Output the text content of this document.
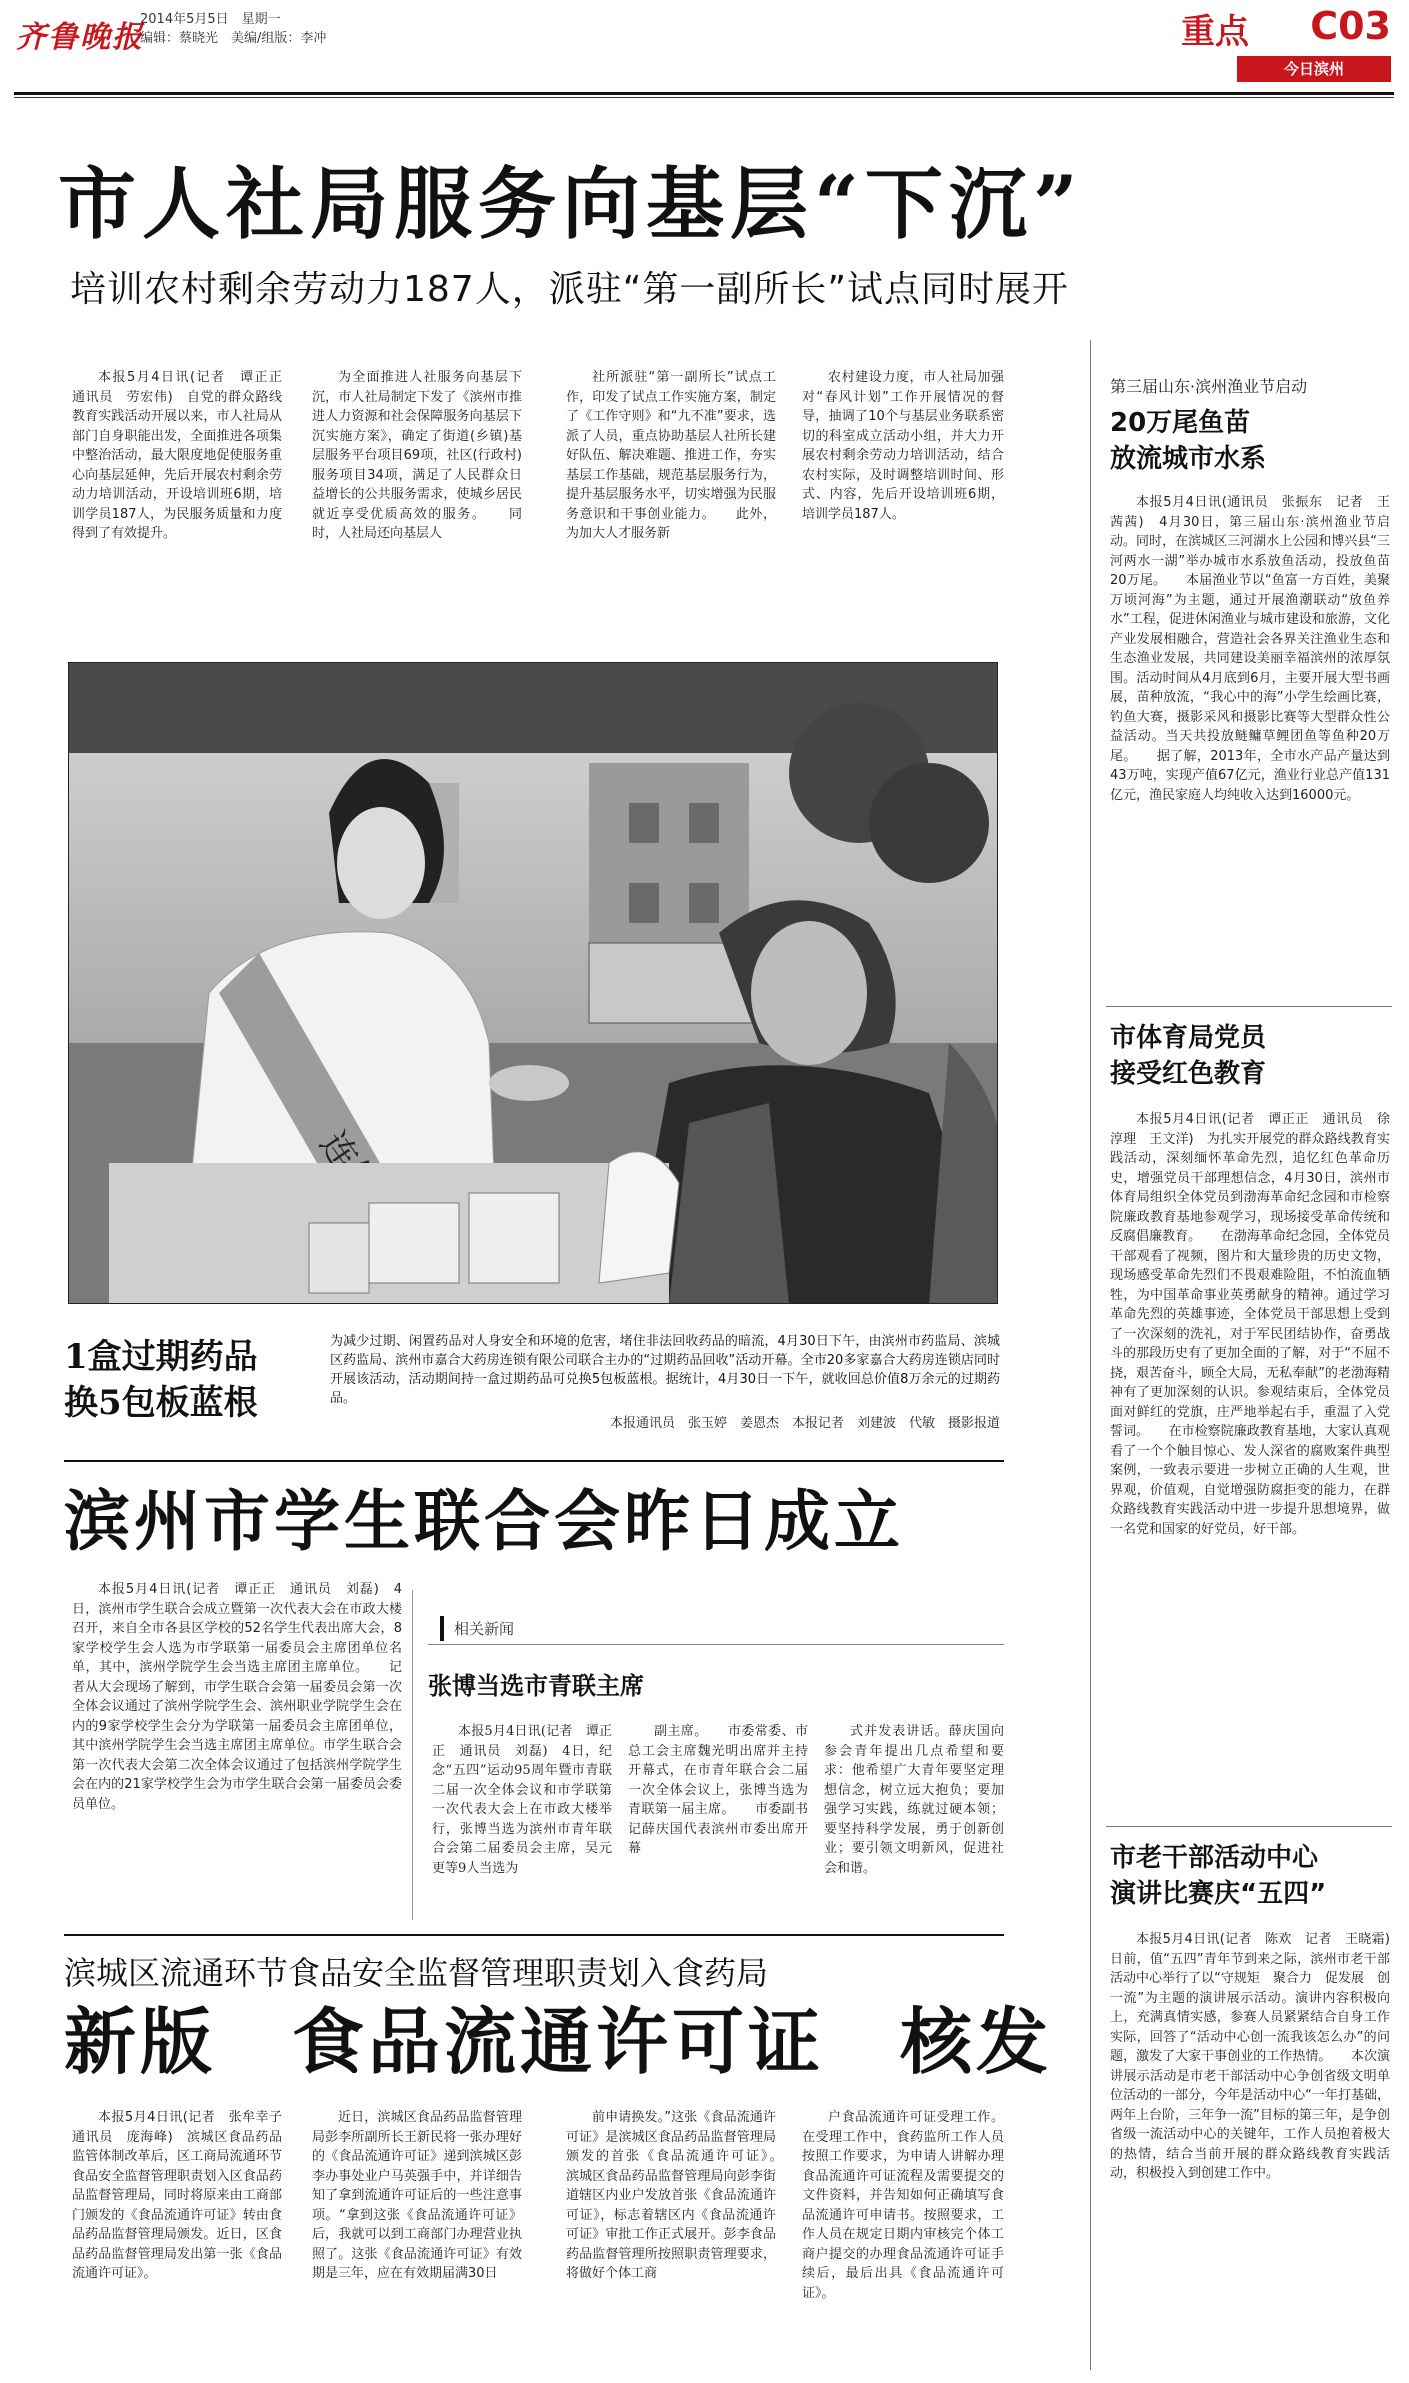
齐鲁晚报
2014年5月5日　星期一
编辑：蔡晓光　美编/组版：李冲	重点 C03
今日滨州
市人社局服务向基层“下沉”
培训农村剩余劳动力187人，派驻“第一副所长”试点同时展开

本报5月4日讯(记者　谭正正　通讯员　劳宏伟)　自党的群众路线教育实践活动开展以来，市人社局从部门自身职能出发，全面推进各项集中整治活动，最大限度地促使服务重心向基层延伸，先后开展农村剩余劳动力培训活动，开设培训班6期，培训学员187人，为民服务质量和力度得到了有效提升。

为全面推进人社服务向基层下沉，市人社局制定下发了《滨州市推进人力资源和社会保障服务向基层下沉实施方案》，确定了街道(乡镇)基层服务平台项目69项，社区(行政村)服务项目34项，满足了人民群众日益增长的公共服务需求，使城乡居民就近享受优质高效的服务。　　同时，人社局还向基层人

社所派驻“第一副所长”试点工作，印发了试点工作实施方案，制定了《工作守则》和“九不准”要求，选派了人员，重点协助基层人社所长建好队伍、解决难题、推进工作，夯实基层工作基础，规范基层服务行为，提升基层服务水平，切实增强为民服务意识和干事创业能力。　　此外，为加大人才服务新

农村建设力度，市人社局加强对“春风计划”工作开展情况的督导，抽调了10个与基层业务联系密切的科室成立活动小组，并大力开展农村剩余劳动力培训活动，结合农村实际，及时调整培训时间、形式、内容，先后开设培训班6期，培训学员187人。

1盒过期药品
换5包板蓝根
为减少过期、闲置药品对人身安全和环境的危害，堵住非法回收药品的暗流，4月30日下午，由滨州市药监局、滨城区药监局、滨州市嘉合大药房连锁有限公司联合主办的“过期药品回收”活动开幕。全市20多家嘉合大药房连锁店同时开展该活动，活动期间持一盒过期药品可兑换5包板蓝根。据统计，4月30日一下午，就收回总价值8万余元的过期药品。
本报通讯员　张玉婷　姜恩杰　本报记者　刘建波　代敏　摄影报道
滨州市学生联合会昨日成立

本报5月4日讯(记者　谭正正　通讯员　刘磊)　4日，滨州市学生联合会成立暨第一次代表大会在市政大楼召开，来自全市各县区学校的52名学生代表出席大会，8家学校学生会人选为市学联第一届委员会主席团单位名单，其中，滨州学院学生会当选主席团主席单位。　　记者从大会现场了解到，市学生联合会第一届委员会第一次全体会议通过了滨州学院学生会、滨州职业学院学生会在内的9家学校学生会分为学联第一届委员会主席团单位，其中滨州学院学生会当选主席团主席单位。市学生联合会第一次代表大会第二次全体会议通过了包括滨州学院学生会在内的21家学校学生会为市学生联合会第一届委员会委员单位。

相关新闻
张博当选市青联主席

本报5月4日讯(记者　谭正正　通讯员　刘磊)　4日，纪念“五四”运动95周年暨市青联二届一次全体会议和市学联第一次代表大会上在市政大楼举行，张博当选为滨州市青年联合会第二届委员会主席，吴元更等9人当选为

副主席。　　市委常委、市总工会主席魏光明出席并主持开幕式，在市青年联合会二届一次全体会议上，张博当选为青联第一届主席。　　市委副书记薛庆国代表滨州市委出席开幕

式并发表讲话。薛庆国向参会青年提出几点希望和要求：他希望广大青年要坚定理想信念，树立远大抱负；要加强学习实践，练就过硬本领；要坚持科学发展，勇于创新创业；要引领文明新风，促进社会和谐。

滨城区流通环节食品安全监督管理职责划入食药局
新版　食品流通许可证　核发

本报5月4日讯(记者　张牟幸子　通讯员　庞海峰)　滨城区食品药品监管体制改革后，区工商局流通环节食品安全监督管理职责划入区食品药品监督管理局，同时将原来由工商部门颁发的《食品流通许可证》转由食品药品监督管理局颁发。近日，区食品药品监督管理局发出第一张《食品流通许可证》。

近日，滨城区食品药品监督管理局彭李所副所长王新民将一张办理好的《食品流通许可证》递到滨城区彭李办事处业户马英强手中，并详细告知了拿到流通许可证后的一些注意事项。“拿到这张《食品流通许可证》后，我就可以到工商部门办理营业执照了。这张《食品流通许可证》有效期是三年，应在有效期届满30日

前申请换发。”这张《食品流通许可证》是滨城区食品药品监督管理局颁发的首张《食品流通许可证》。　　滨城区食品药品监督管理局向彭李街道辖区内业户发放首张《食品流通许可证》，标志着辖区内《食品流通许可证》审批工作正式展开。彭李食品药品监督管理所按照职责管理要求，将做好个体工商

户食品流通许可证受理工作。在受理工作中，食药监所工作人员按照工作要求，为申请人讲解办理食品流通许可证流程及需要提交的文件资料，并告知如何正确填写食品流通许可申请书。按照要求，工作人员在规定日期内审核完个体工商户提交的办理食品流通许可证手续后，最后出具《食品流通许可证》。

第三届山东·滨州渔业节启动
20万尾鱼苗
放流城市水系

本报5月4日讯(通讯员　张振东　记者　王茜茜)　4月30日，第三届山东·滨州渔业节启动。同时，在滨城区三河湖水上公园和博兴县“三河两水一湖”举办城市水系放鱼活动，投放鱼苗20万尾。　　本届渔业节以“鱼富一方百姓，美聚万顷河海”为主题，通过开展渔潮联动“放鱼养水”工程，促进休闲渔业与城市建设和旅游，文化产业发展相融合，营造社会各界关注渔业生态和生态渔业发展，共同建设美丽幸福滨州的浓厚氛围。活动时间从4月底到6月，主要开展大型书画展，苗种放流，“我心中的海”小学生绘画比赛，钓鱼大赛，摄影采风和摄影比赛等大型群众性公益活动。当天共投放鲢鳙草鲤团鱼等鱼种20万尾。　　据了解，2013年，全市水产品产量达到43万吨，实现产值67亿元，渔业行业总产值131亿元，渔民家庭人均纯收入达到16000元。

市体育局党员
接受红色教育

本报5月4日讯(记者　谭正正　通讯员　徐淳理　王文洋)　为扎实开展党的群众路线教育实践活动，深刻缅怀革命先烈，追忆红色革命历史，增强党员干部理想信念，4月30日，滨州市体育局组织全体党员到渤海革命纪念园和市检察院廉政教育基地参观学习，现场接受革命传统和反腐倡廉教育。　　在渤海革命纪念园，全体党员干部观看了视频，图片和大量珍贵的历史文物，现场感受革命先烈们不畏艰难险阻，不怕流血牺牲，为中国革命事业英勇献身的精神。通过学习革命先烈的英雄事迹，全体党员干部思想上受到了一次深刻的洗礼，对于军民团结协作，奋勇战斗的那段历史有了更加全面的了解，对于“不屈不挠，艰苦奋斗，顾全大局，无私奉献”的老渤海精神有了更加深刻的认识。参观结束后，全体党员面对鲜红的党旗，庄严地举起右手，重温了入党誓词。　　在市检察院廉政教育基地，大家认真观看了一个个触目惊心、发人深省的腐败案件典型案例，一致表示要进一步树立正确的人生观，世界观，价值观，自觉增强防腐拒变的能力，在群众路线教育实践活动中进一步提升思想境界，做一名党和国家的好党员，好干部。

市老干部活动中心
演讲比赛庆“五四”

本报5月4日讯(记者　陈欢　记者　王晓霜)　日前，值“五四”青年节到来之际，滨州市老干部活动中心举行了以“守规矩　聚合力　促发展　创一流”为主题的演讲展示活动。演讲内容积极向上，充满真情实感，参赛人员紧紧结合自身工作实际，回答了“活动中心创一流我该怎么办”的问题，激发了大家干事创业的工作热情。　　本次演讲展示活动是市老干部活动中心争创省级文明单位活动的一部分，今年是活动中心“一年打基础，两年上台阶，三年争一流”目标的第三年，是争创省级一流活动中心的关键年，工作人员抱着极大的热情，结合当前开展的群众路线教育实践活动，积极投入到创建工作中。
